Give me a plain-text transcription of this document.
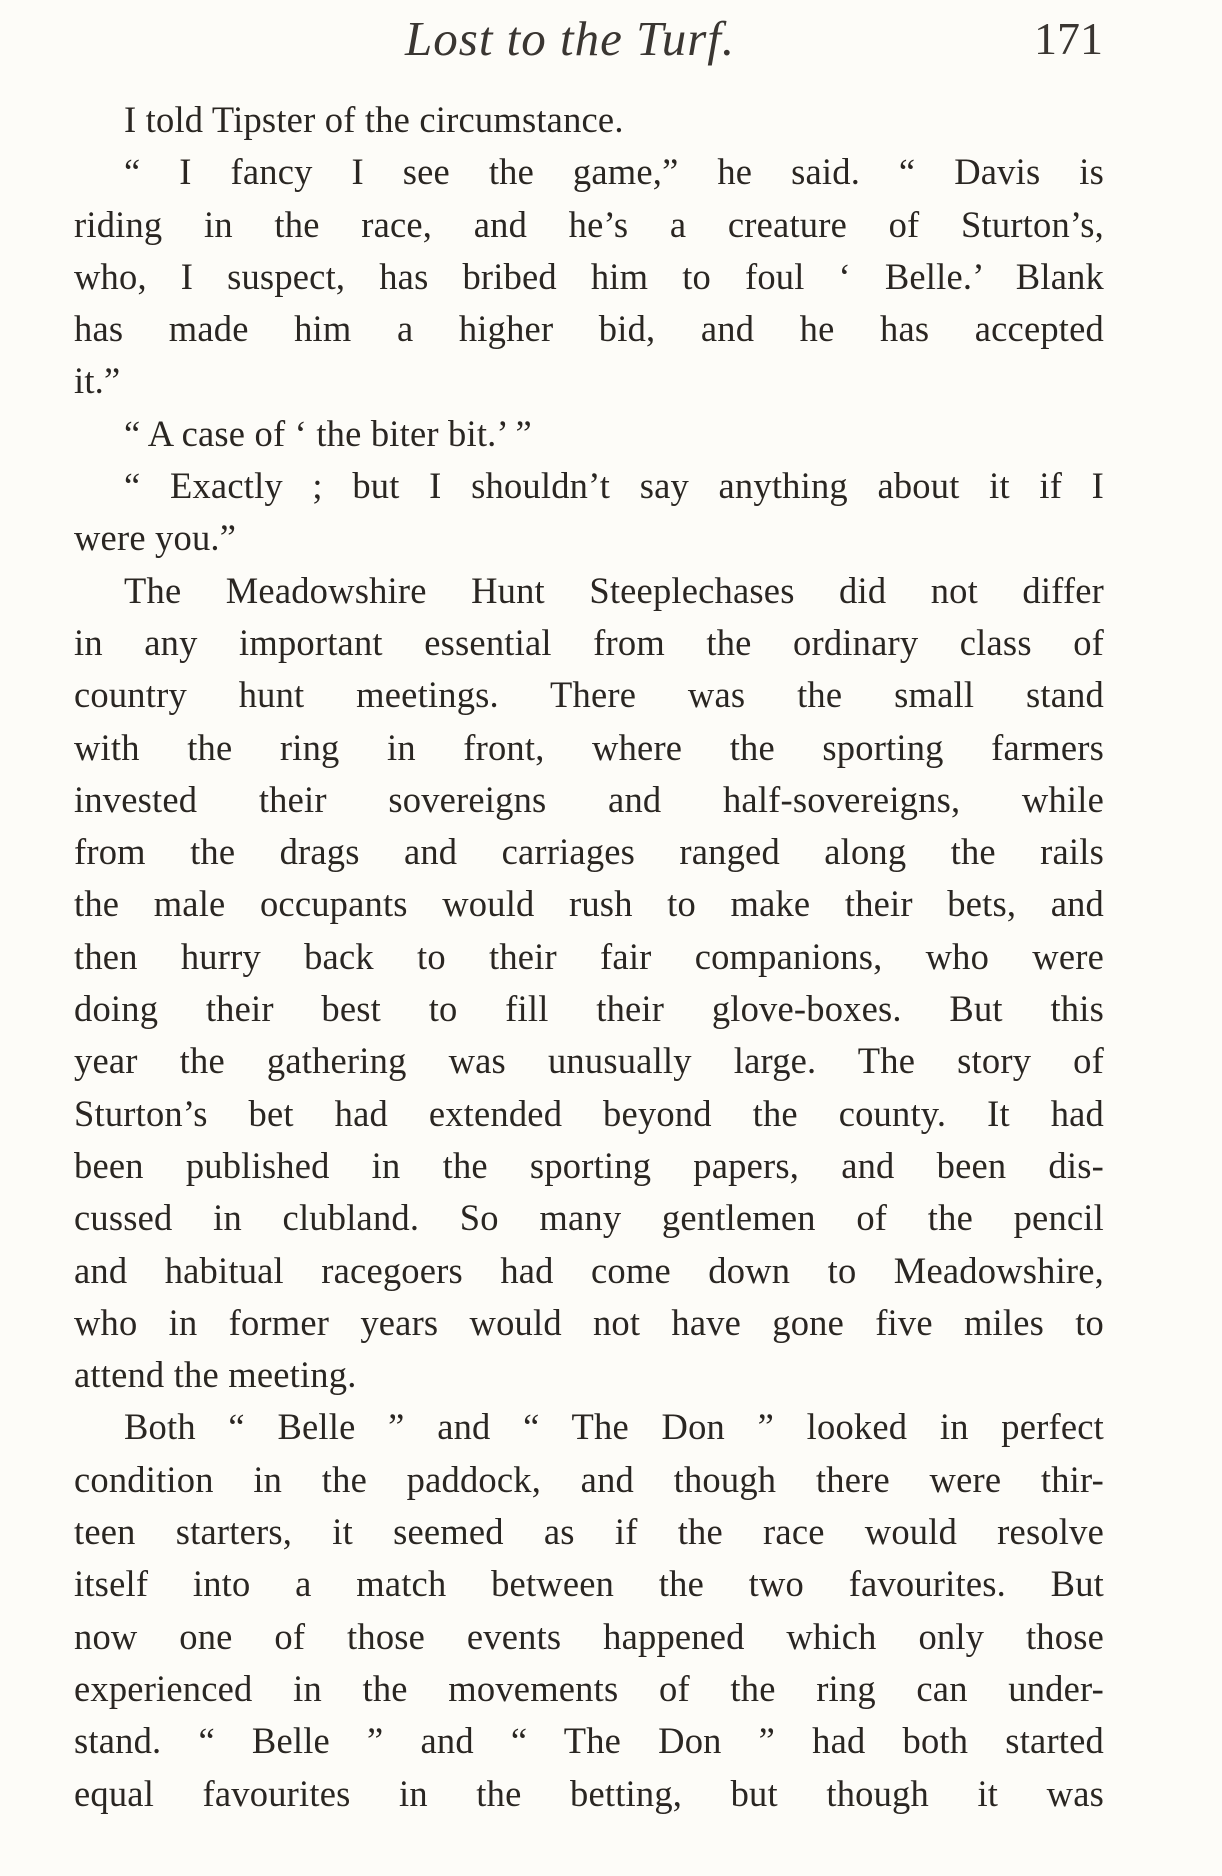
Lost to the Turf.	171
I told Tipster of the circumstance.
“ I fancy I see the game,” he said. “ Davis is
riding in the race, and he’s a creature of Sturton’s,
who, I suspect, has bribed him to foul ‘ Belle.’ Blank
has made him a higher bid, and he has accepted
it.”
“ A case of ‘ the biter bit.’ ”
“ Exactly ; but I shouldn’t say anything about it if I
were you.”
The Meadowshire Hunt Steeplechases did not differ
in any important essential from the ordinary class of
country hunt meetings. There was the small stand
with the ring in front, where the sporting farmers
invested their sovereigns and half-sovereigns, while
from the drags and carriages ranged along the rails
the male occupants would rush to make their bets, and
then hurry back to their fair companions, who were
doing their best to fill their glove-boxes. But this
year the gathering was unusually large. The story of
Sturton’s bet had extended beyond the county. It had
been published in the sporting papers, and been dis-
cussed in clubland. So many gentlemen of the pencil
and habitual racegoers had come down to Meadowshire,
who in former years would not have gone five miles to
attend the meeting.
Both “ Belle ” and “ The Don ” looked in perfect
condition in the paddock, and though there were thir-
teen starters, it seemed as if the race would resolve
itself into a match between the two favourites. But
now one of those events happened which only those
experienced in the movements of the ring can under-
stand. “ Belle ” and “ The Don ” had both started
equal favourites in the betting, but though it was
